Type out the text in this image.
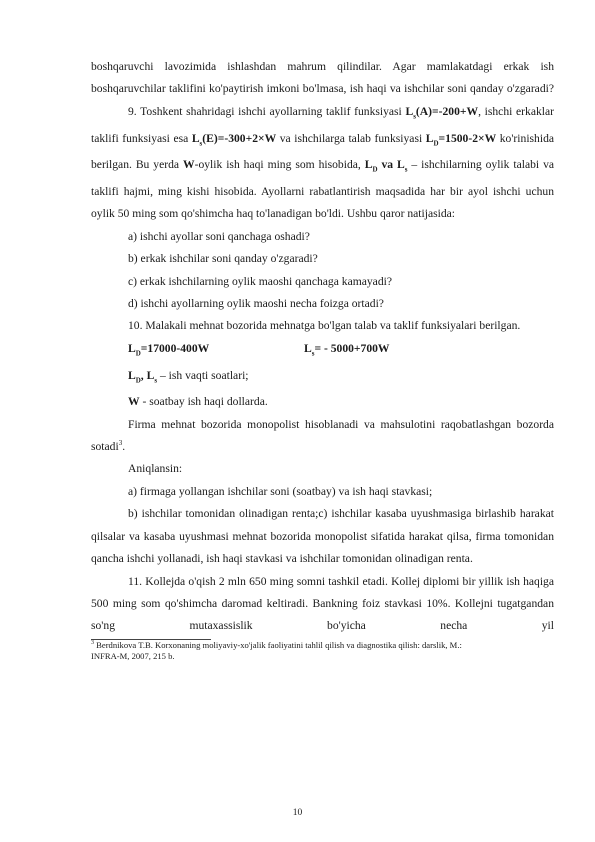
boshqaruvchi lavozimida ishlashdan mahrum qilindilar. Agar mamlakatdagi erkak ish boshqaruvchilar taklifini ko'paytirish imkoni bo'lmasa, ish haqi va ishchilar soni qanday o'zgaradi?

9. Toshkent shahridagi ishchi ayollarning taklif funksiyasi $L_s(A)=-200+W$, ishchi erkaklar taklifi funksiyasi esa $L_s(E)=-300+2\times W$ va ishchilarga talab funksiyasi $L_D=1500-2\times W$ ko'rinishida berilgan. Bu yerda W-oylik ish haqi ming som hisobida, $L_D$ va $L_s$ – ishchilarning oylik talabi va taklifi hajmi, ming kishi hisobida. Ayollarni rabatlantirish maqsadida har bir ayol ishchi uchun oylik 50 ming som qo'shimcha haq to'lanadigan bo'ldi. Ushbu qaror natijasida:

a) ishchi ayollar soni qanchaga oshadi?

b) erkak ishchilar soni qanday o'zgaradi?

c) erkak ishchilarning oylik maoshi qanchaga kamayadi?

d) ishchi ayollarning oylik maoshi necha foizga ortadi?

10. Malakali mehnat bozorida mehnatga bo'lgan talab va taklif funksiyalari berilgan.

$L_D=17000-400W$	$L_s= - 5000+700W$

$L_D$, $L_s$ – ish vaqti soatlari;

W - soatbay ish haqi dollarda.

Firma mehnat bozorida monopolist hisoblanadi va mahsulotini raqobatlashgan bozorda sotadi$^3$.

Aniqlansin:

a) firmaga yollangan ishchilar soni (soatbay) va ish haqi stavkasi;

b) ishchilar tomonidan olinadigan renta;c) ishchilar kasaba uyushmasiga birlashib harakat qilsalar va kasaba uyushmasi mehnat bozorida monopolist sifatida harakat qilsa, firma tomonidan qancha ishchi yollanadi, ish haqi stavkasi va ishchilar tomonidan olinadigan renta.

11. Kollejda o'qish 2 mln 650 ming somni tashkil etadi. Kollej diplomi bir yillik ish haqiga 500 ming som qo'shimcha daromad keltiradi. Bankning foiz stavkasi 10%. Kollejni tugatgandan so'ng mutaxassislik bo'yicha necha yil

$^3$ Berdnikova T.B. Korxonaning moliyaviy-xo'jalik faoliyatini tahlil qilish va diagnostika qilish: darslik, M.:

INFRA-M, 2007, 215 b.

10
